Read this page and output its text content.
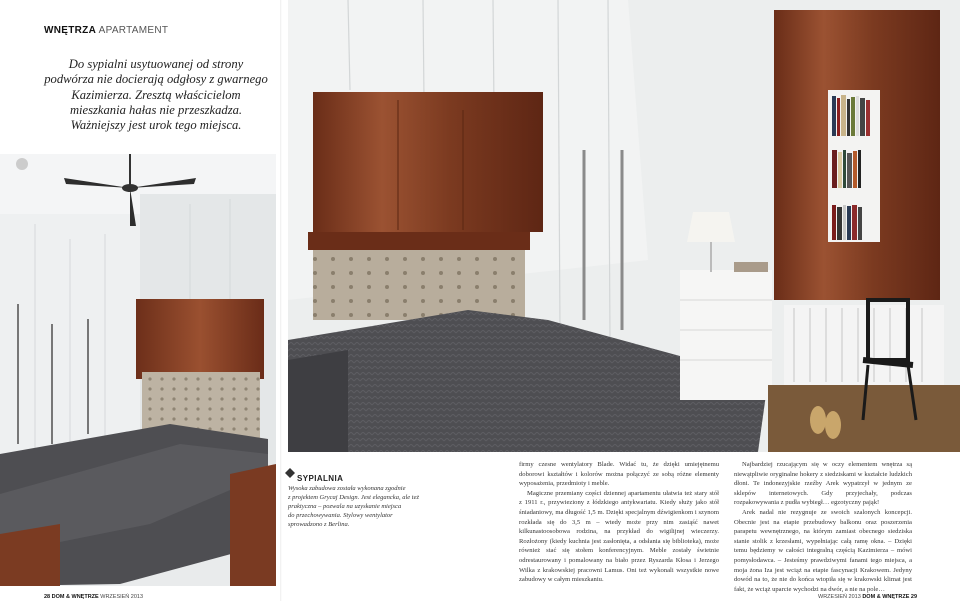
WNĘTRZA APARTAMENT
Do sypialni usytuowanej od strony
podwórza nie docierają odgłosy z gwarnego
Kazimierza. Zresztą właścicielom
mieszkania hałas nie przeszkadza.
Ważniejszy jest urok tego miejsca.
SYPIALNIA
Wysoka zabudowa została wykonana zgodnie
z projektem Grycaj Design. Jest elegancka, ale też
praktyczna – pozwala na uzyskanie miejsca
do przechowywania. Stylowy wentylator
sprowadzono z Berlina.

firmy czesne wentylatory Blade. Widać tu, że dzięki umiejętnemu doborowi kształtów i kolorów można połączyć ze sobą różne elementy wyposażenia, przedmioty i meble.

Magiczne przemiany części dziennej apartamentu ułatwia też stary stół z 1911 r., przywieziony z łódzkiego antykwariatu. Kiedy służy jako stół śniadaniowy, ma długość 1,5 m. Dzięki specjalnym dźwigienkom i szynom rozkłada się do 3,5 m – wtedy może przy nim zasiąść nawet kilkunastoosobowa rodzina, na przykład do wigilijnej wieczerzy. Rozłożony (kiedy kuchnia jest zasłonięta, a odsłania się biblioteka), może również stać się stołem konferencyjnym. Meble zostały świetnie odrestaurowany i pomalowany na biało przez Ryszarda Kłosa i Jerzego Wilka z krakowskiej pracowni Lamus. Oni też wykonali wszystkie nowe zabudowy w całym mieszkaniu.

Najbardziej rzucającym się w oczy elementem wnętrza są niewątpliwie oryginalne hokery z siedziskami w kształcie ludzkich dłoni. Te indonezyjskie rzeźby Arek wypatrzył w jednym ze sklepów internetowych. Gdy przyjechały, podczas rozpakowywania z pudła wybiegł… egzotyczny pająk!

Arek nadal nie rezygnuje ze swoich szalonych koncepcji. Obecnie jest na etapie przebudowy balkonu oraz poszerzenia parapetu wewnętrznego, na którym zamiast obecnego siedziska stanie stolik z krzesłami, wypełniając całą ramę okna. – Dzięki temu będziemy w całości integralną częścią Kazimierza – mówi pomysłodawca. – Jesteśmy prawdziwymi fanami tego miejsca, a moja żona Iza jest wciąż na etapie fascynacji Krakowem. Jedyny dowód na to, że nie do końca wtopiła się w krakowski klimat jest fakt, że wciąż uparcie wychodzi na dwór, a nie na pole…

28 DOM & WNĘTRZE WRZESIEŃ 2013	WRZESIEŃ 2013 DOM & WNĘTRZE 29
